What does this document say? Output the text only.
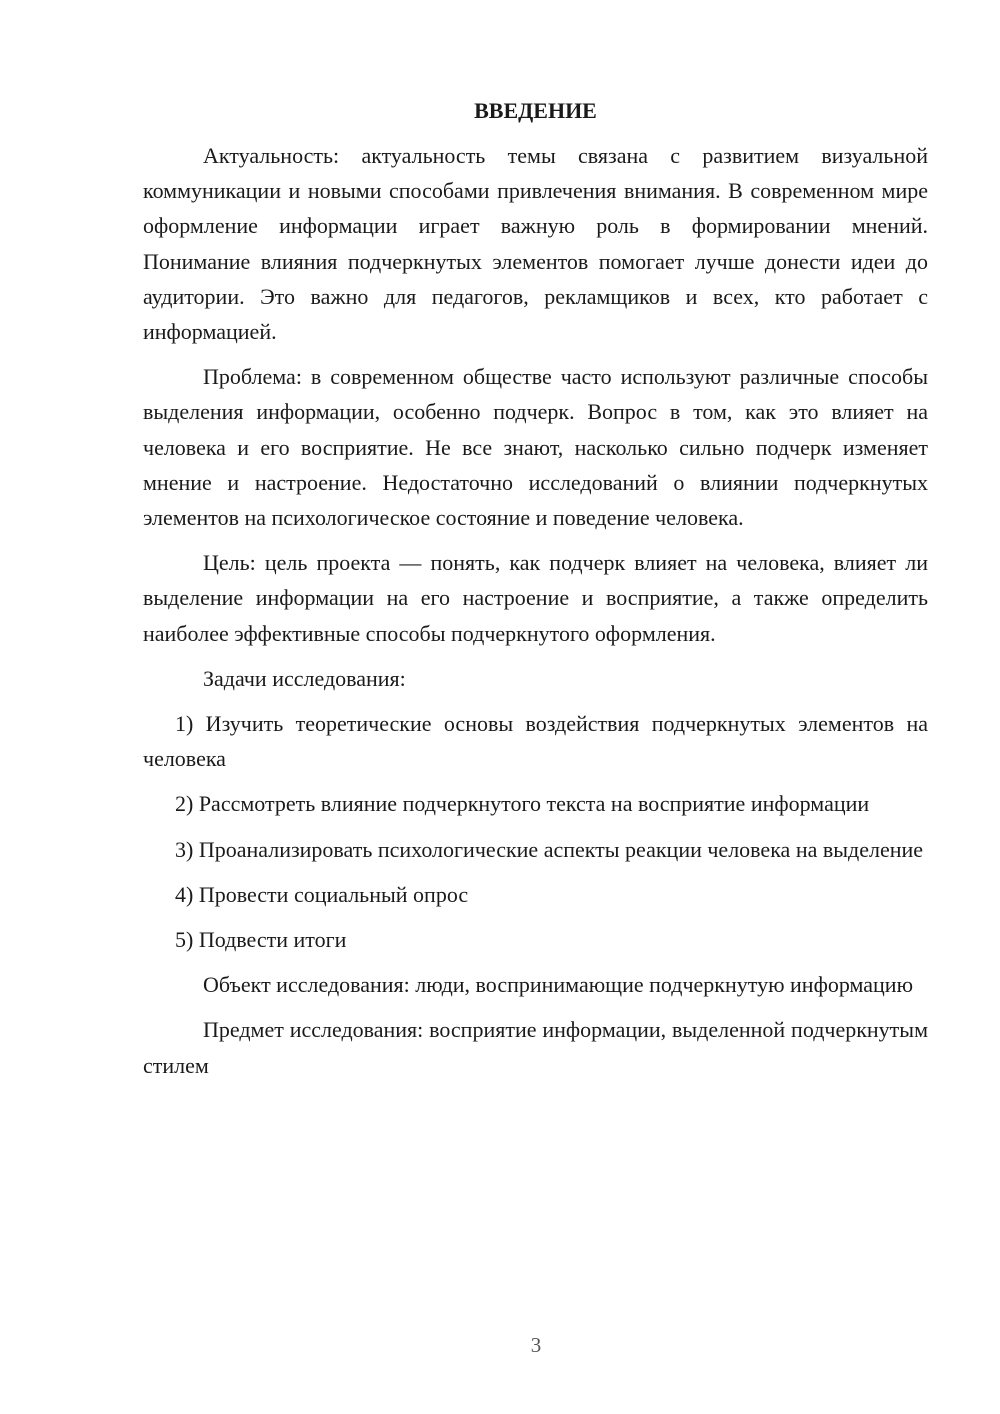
ВВЕДЕНИЕ

Актуальность: актуальность темы связана с развитием визуальной коммуникации и новыми способами привлечения внимания. В современном мире оформление информации играет важную роль в формировании мнений. Понимание влияния подчеркнутых элементов помогает лучше донести идеи до аудитории. Это важно для педагогов, рекламщиков и всех, кто работает с информацией.

Проблема: в современном обществе часто используют различные способы выделения информации, особенно подчерк. Вопрос в том, как это влияет на человека и его восприятие. Не все знают, насколько сильно подчерк изменяет мнение и настроение. Недостаточно исследований о влиянии подчеркнутых элементов на психологическое состояние и поведение человека.

Цель: цель проекта — понять, как подчерк влияет на человека, влияет ли выделение информации на его настроение и восприятие, а также определить наиболее эффективные способы подчеркнутого оформления.

Задачи исследования:

1) Изучить теоретические основы воздействия подчеркнутых элементов на человека

2) Рассмотреть влияние подчеркнутого текста на восприятие информации

3) Проанализировать психологические аспекты реакции человека на выделение

4) Провести социальный опрос

5) Подвести итоги

Объект исследования: люди, воспринимающие подчеркнутую информацию

Предмет исследования: восприятие информации, выделенной подчеркнутым стилем

3
